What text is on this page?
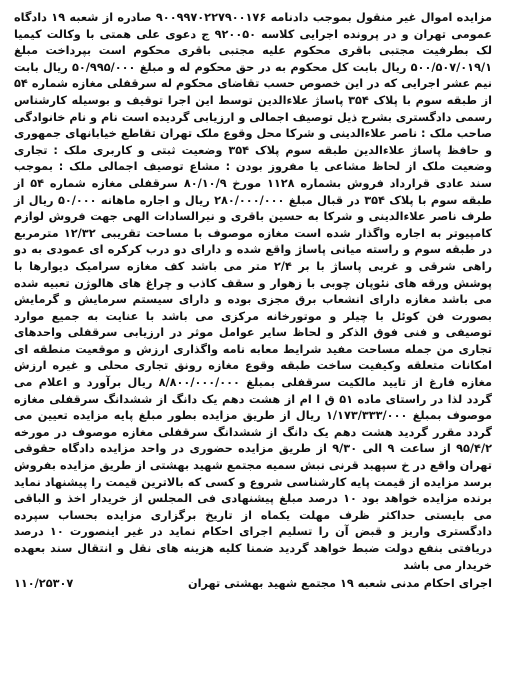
مزایده اموال غیر منقول بموجب دادنامه ۹۰۰۹۹۷۰۲۲۷۹۰۰۱۷۶ صادره از شعبه ۱۹ دادگاه عمومی تهران و در پرونده اجرایی کلاسه ۹۲۰۰۵۰ ج دعوی علی همتی با وکالت کیمیا لک بطرفیت مجتبی باقری محکوم علیه مجتبی باقری محکوم است بپرداخت مبلغ ۵۰۰/۵۰۷/۰۱۹/۱ ریال بابت کل محکوم به در حق محکوم له و مبلغ ۵۰/۹۹۵/۰۰۰ ریال بابت نیم عشر اجرایی که در این خصوص حسب تقاضای محکوم له سرقفلی مغازه شماره ۵۴ از طبقه سوم با پلاک ۳۵۴ پاساژ علاءالدین توسط این اجرا توقیف و بوسیله کارشناس رسمی دادگستری بشرح ذیل توصیف اجمالی و ارزیابی گردیده است نام و نام خانوادگی صاحب ملک : ناصر علاءالدینی و شرکا محل وقوع ملک تهران تقاطع خیابانهای جمهوری و حافظ پاساژ علاءالدین طبقه سوم پلاک ۳۵۴ وضعیت ثبتی و کاربری ملک : تجاری وضعیت ملک از لحاظ مشاعی یا مفروز بودن : مشاع توصیف اجمالی ملک : بموجب سند عادی قرارداد فروش بشماره ۱۱۲۸ مورخ ۸۰/۱۰/۹ سرقفلی مغازه شماره ۵۴ از طبقه سوم با پلاک ۳۵۴ در قبال مبلغ ۲۸۰/۰۰۰/۰۰۰ ریال و اجاره ماهانه ۵۰/۰۰۰ ریال از طرف ناصر علاءالدینی و شرکا به حسین باقری و نیرالسادات الهی جهت فروش لوازم کامپیوتر به اجاره واگذار شده است مغازه موصوف با مساحت تقریبی ۱۲/۳۲ مترمربع در طبقه سوم و راسته میانی پاساژ واقع شده و دارای دو درب کرکره ای عمودی به دو راهی شرقی و غربی پاساژ با بر ۲/۴ متر می باشد کف مغازه سرامیک دیوارها با پوشش ورقه های نئوپان چوبی با زهوار و سقف کاذب و چراغ های هالوژن تعبیه شده می باشد مغازه دارای انشعاب برق مجزی بوده و دارای سیستم سرمایش و گرمایش بصورت فن کوئل با چیلر و موتورخانه مرکزی می باشد با عنایت به جمیع موارد توصیفی و فنی فوق الذکر و لحاظ سایر عوامل موثر در ارزیابی سرقفلی واحدهای تجاری من جمله مساحت مفید شرایط معابه نامه واگذاری ارزش و موقعیت منطقه ای امکانات متعلقه وکیفیت ساخت طبقه وقوع مغازه رونق تجاری محلی و غیره ارزش مغازه فارغ از تایید مالکیت سرقفلی بمبلغ ۸/۸۰۰/۰۰۰/۰۰۰ ریال برآورد و اعلام می گردد لذا در راستای ماده ۵۱ ق ا ام از هشت دهم یک دانگ از ششدانگ سرقفلی مغازه موصوف بمبلغ ۱/۱۷۳/۳۳۳/۰۰۰ ریال از طریق مزایده بطور مبلغ پایه مزایده تعیین می گردد مقرر گردید هشت دهم یک دانگ از ششدانگ سرقفلی مغازه موصوف در مورخه ۹۵/۴/۲ از ساعت ۹ الی ۹/۳۰ از طریق مزایده حضوری در واحد مزایده دادگاه حقوقی تهران واقع در خ سپهبد قرنی نبش سمیه مجتمع شهید بهشتی از طریق مزایده بفروش برسد مزایده از قیمت پایه کارشناسی شروع و کسی که بالاترین قیمت را پیشنهاد نماید برنده مزایده خواهد بود ۱۰ درصد مبلغ پیشنهادی فی المجلس از خریدار اخذ و الباقی می بایستی حداکثر ظرف مهلت یکماه از تاریخ برگزاری مزایده بحساب سپرده دادگستری واریز و قبض آن را تسلیم اجرای احکام نماید در غیر اینصورت ۱۰ درصد دریافتی بنفع دولت ضبط خواهد گردید ضمنا کلیه هزینه های نقل و انتقال سند بعهده خریدار می باشد

اجرای احکام مدنی شعبه ۱۹ مجتمع شهید بهشتی تهران
۱۱۰/۲۵۳۰۷
